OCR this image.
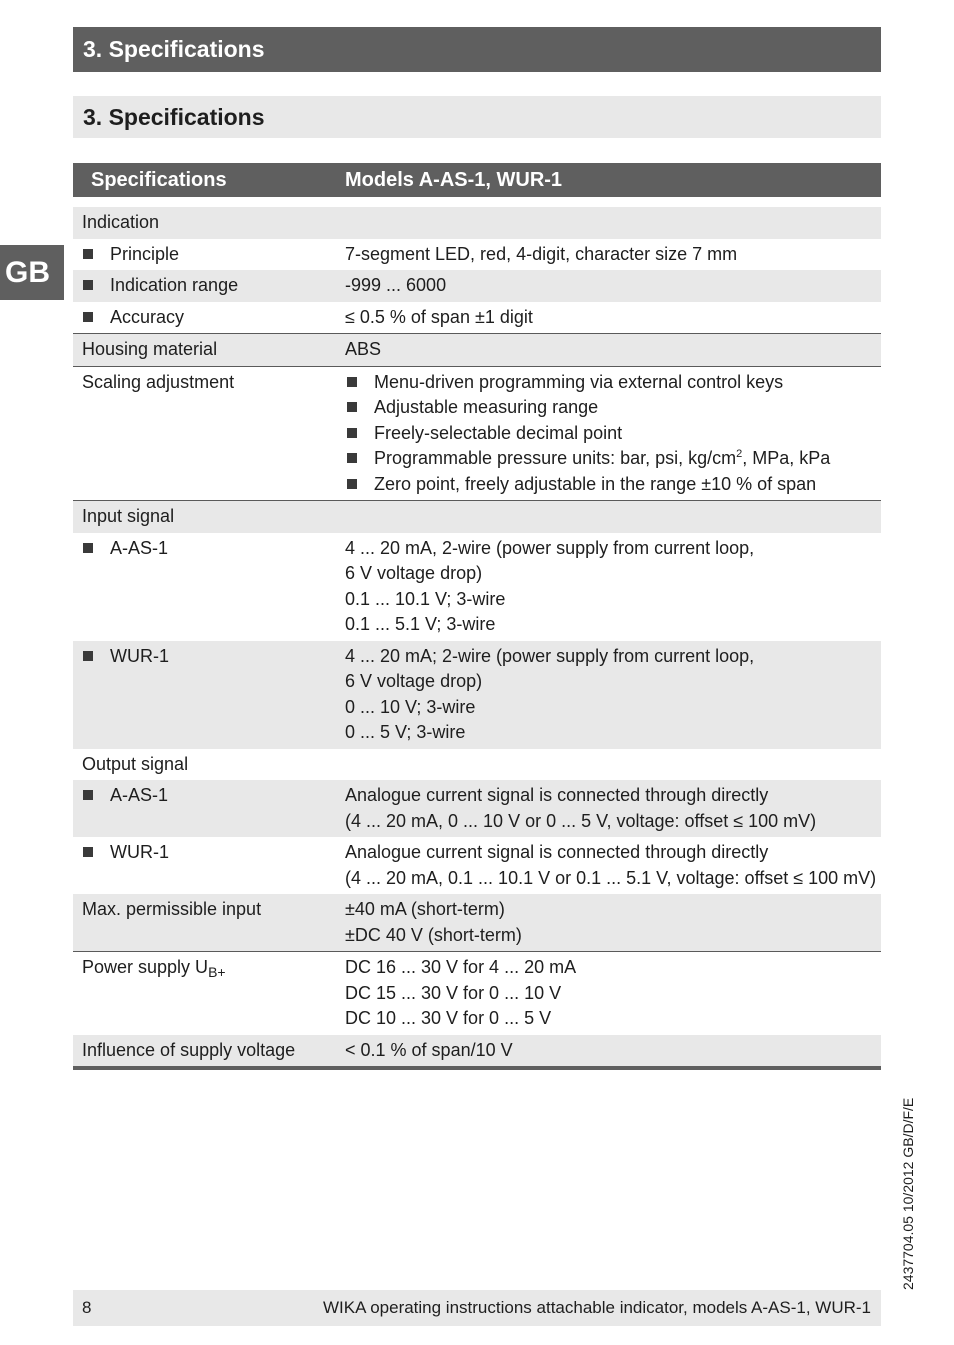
3. Specifications
3. Specifications
GB
Specifications	Models A-AS-1, WUR-1
Indication
Principle	7-segment LED, red, 4-digit, character size 7 mm
Indication range	-999 ... 6000
Accuracy	≤ 0.5 % of span ±1 digit
Housing material	ABS
Scaling adjustment	Menu-driven programming via external control keys
Adjustable measuring range
Freely-selectable decimal point
Programmable pressure units: bar, psi, $kg/cm^2$, MPa, kPa
Zero point, freely adjustable in the range ±10 % of span
Input signal
A-AS-1	4 ... 20 mA, 2-wire (power supply from current loop,
6 V voltage drop)
0.1 ... 10.1 V; 3-wire
0.1 ... 5.1 V; 3-wire
WUR-1	4 ... 20 mA; 2-wire (power supply from current loop,
6 V voltage drop)
0 ... 10 V; 3-wire
0 ... 5 V; 3-wire
Output signal
A-AS-1	Analogue current signal is connected through directly
(4 ... 20 mA, 0 ... 10 V or 0 ... 5 V, voltage: offset ≤ 100 mV)
WUR-1	Analogue current signal is connected through directly
(4 ... 20 mA, 0.1 ... 10.1 V or 0.1 ... 5.1 V, voltage: offset ≤ 100 mV)
Max. permissible input	±40 mA (short-term)
±DC 40 V (short-term)
Power supply $U_{B+}$	DC 16 ... 30 V for 4 ... 20 mA
DC 15 ... 30 V for 0 ... 10 V
DC 10 ... 30 V for 0 ... 5 V
Influence of supply voltage	< 0.1 % of span/10 V
2437704.05 10/2012 GB/D/F/E
8	WIKA operating instructions attachable indicator, models A-AS-1, WUR-1
